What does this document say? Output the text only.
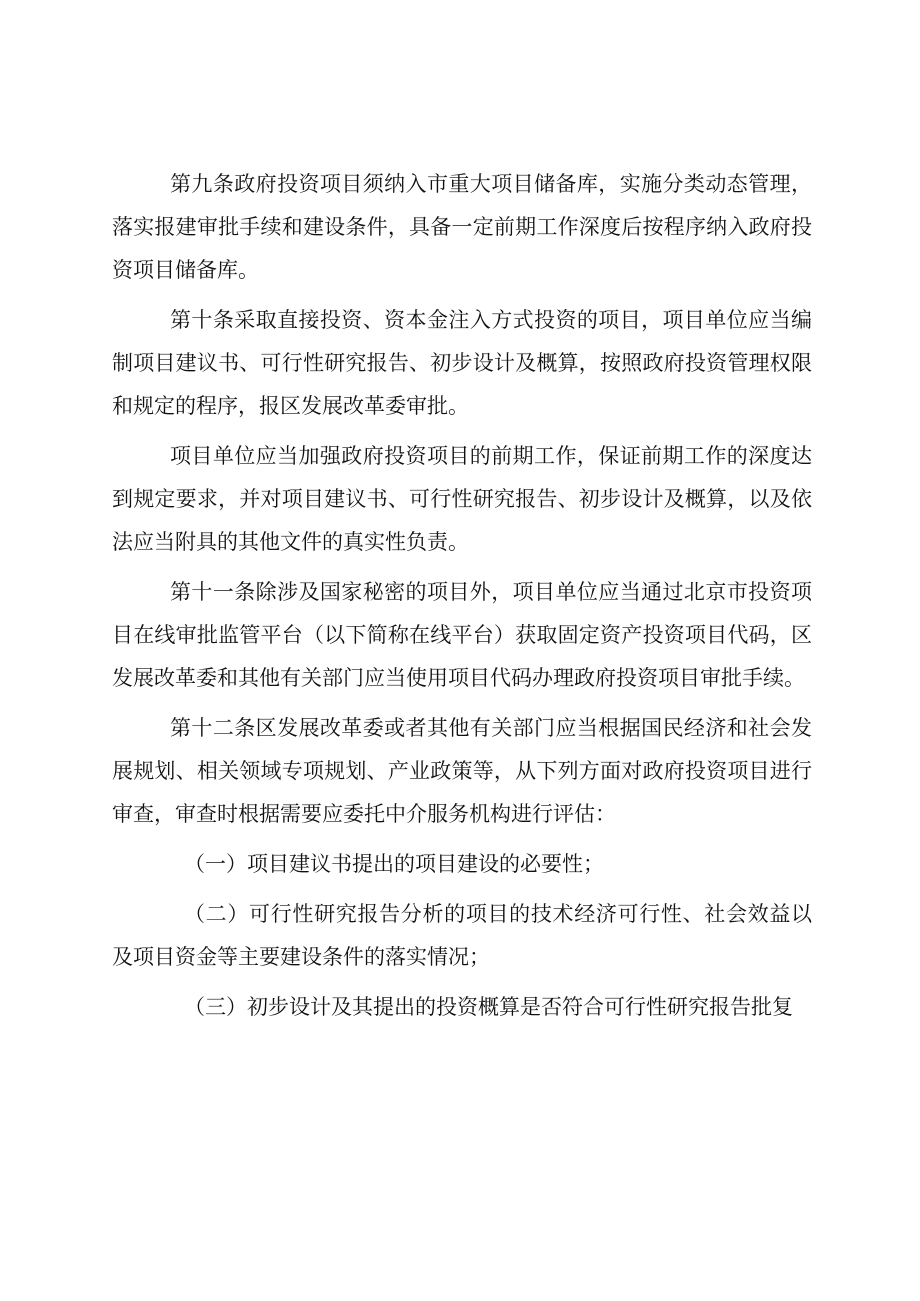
第九条政府投资项目须纳入市重大项目储备库，实施分类动态管理，落实报建审批手续和建设条件，具备一定前期工作深度后按程序纳入政府投资项目储备库。

第十条采取直接投资、资本金注入方式投资的项目，项目单位应当编制项目建议书、可行性研究报告、初步设计及概算，按照政府投资管理权限和规定的程序，报区发展改革委审批。

项目单位应当加强政府投资项目的前期工作，保证前期工作的深度达到规定要求，并对项目建议书、可行性研究报告、初步设计及概算，以及依法应当附具的其他文件的真实性负责。

第十一条除涉及国家秘密的项目外，项目单位应当通过北京市投资项目在线审批监管平台（以下简称在线平台）获取固定资产投资项目代码，区发展改革委和其他有关部门应当使用项目代码办理政府投资项目审批手续。

第十二条区发展改革委或者其他有关部门应当根据国民经济和社会发展规划、相关领域专项规划、产业政策等，从下列方面对政府投资项目进行审查，审查时根据需要应委托中介服务机构进行评估：

（一）项目建议书提出的项目建设的必要性；

（二）可行性研究报告分析的项目的技术经济可行性、社会效益以及项目资金等主要建设条件的落实情况；

（三）初步设计及其提出的投资概算是否符合可行性研究报告批复
